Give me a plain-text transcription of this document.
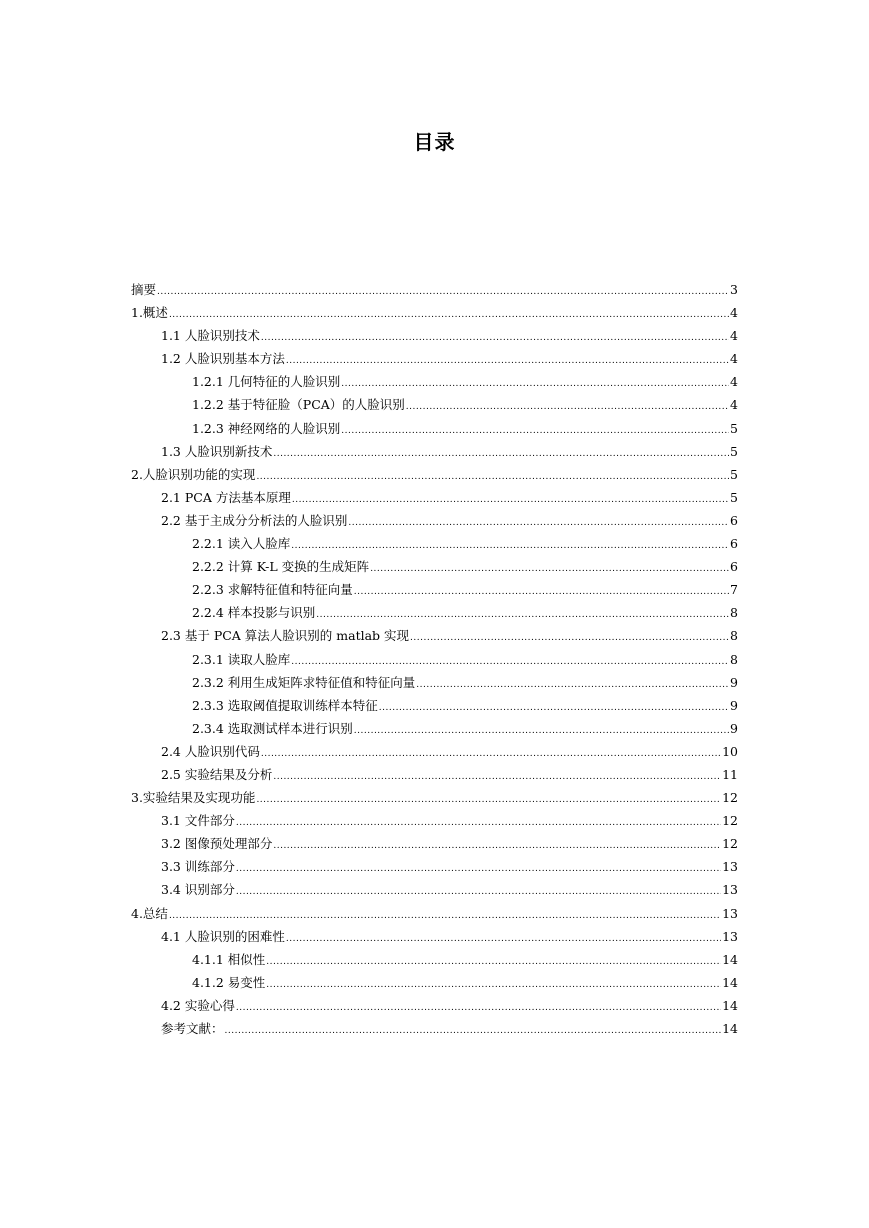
目录
摘要 .....	3
1.概述 .....	4
1.1 人脸识别技术 .....	4
1.2 人脸识别基本方法 .....	4
1.2.1 几何特征的人脸识别 .....	4
1.2.2 基于特征脸（PCA）的人脸识别 .....	4
1.2.3 神经网络的人脸识别 .....	5
1.3 人脸识别新技术 .....	5
2.人脸识别功能的实现 .....	5
2.1 PCA 方法基本原理 .....	5
2.2 基于主成分分析法的人脸识别 .....	6
2.2.1 读入人脸库 .....	6
2.2.2 计算 K-L 变换的生成矩阵 .....	6
2.2.3 求解特征值和特征向量 .....	7
2.2.4 样本投影与识别 .....	8
2.3 基于 PCA 算法人脸识别的 matlab 实现 .....	8
2.3.1 读取人脸库 .....	8
2.3.2 利用生成矩阵求特征值和特征向量 .....	9
2.3.3 选取阈值提取训练样本特征 .....	9
2.3.4 选取测试样本进行识别 .....	9
2.4 人脸识别代码 .....	10
2.5 实验结果及分析 .....	11
3.实验结果及实现功能 .....	12
3.1 文件部分 .....	12
3.2 图像预处理部分 .....	12
3.3 训练部分 .....	13
3.4 识别部分 .....	13
4.总结 .....	13
4.1 人脸识别的困难性 .....	13
4.1.1 相似性 .....	14
4.1.2 易变性 .....	14
4.2 实验心得 .....	14
参考文献： .....	14
